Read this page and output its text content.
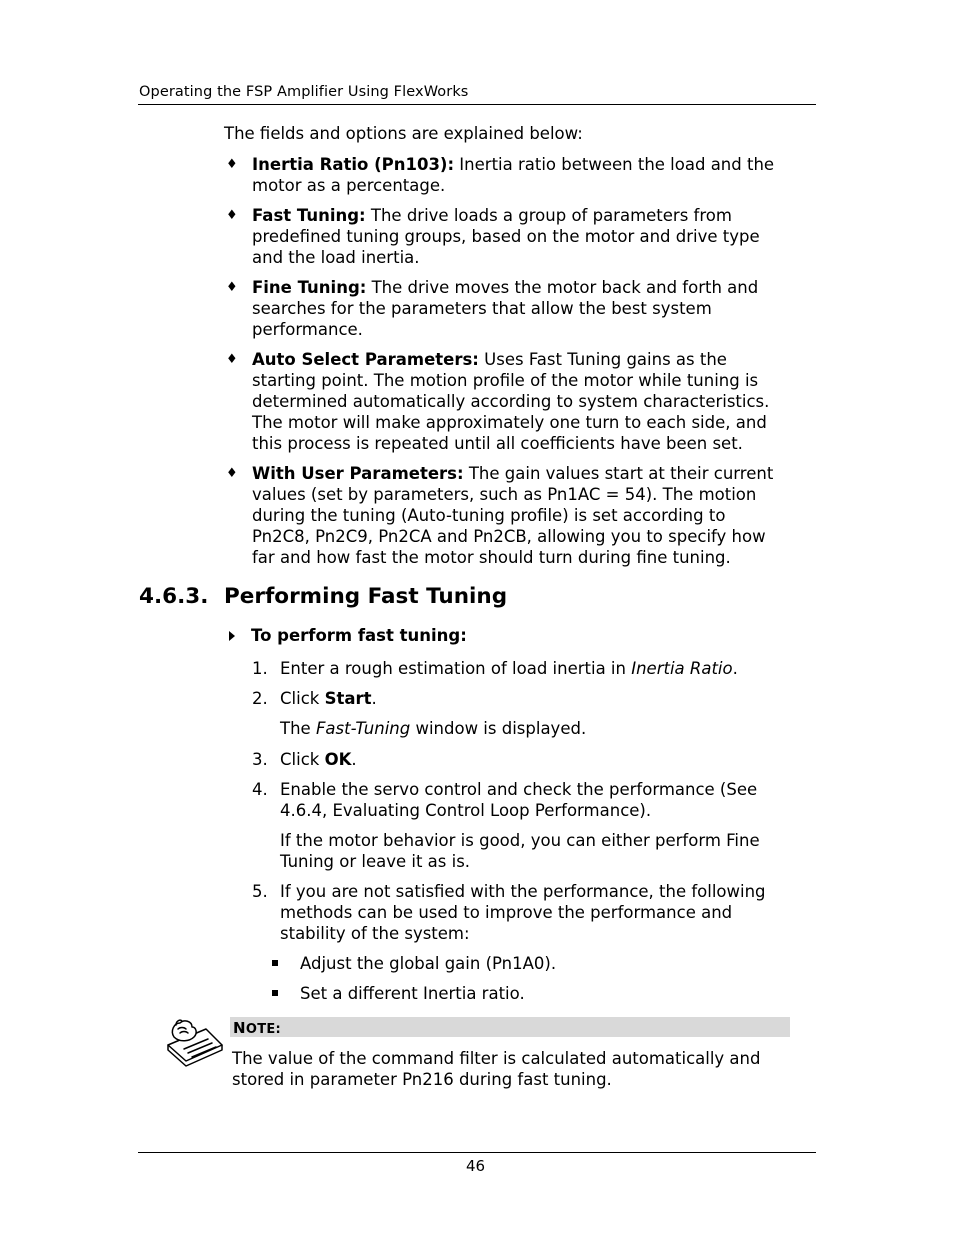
Operating the FSP Amplifier Using FlexWorks
The fields and options are explained below:
♦ Inertia Ratio (Pn103): Inertia ratio between the load and the
motor as a percentage.
♦ Fast Tuning: The drive loads a group of parameters from
predefined tuning groups, based on the motor and drive type
and the load inertia.
♦ Fine Tuning: The drive moves the motor back and forth and
searches for the parameters that allow the best system
performance.
♦ Auto Select Parameters: Uses Fast Tuning gains as the
starting point. The motion profile of the motor while tuning is
determined automatically according to system characteristics.
The motor will make approximately one turn to each side, and
this process is repeated until all coefficients have been set.
♦ With User Parameters: The gain values start at their current
values (set by parameters, such as Pn1AC = 54). The motion
during the tuning (Auto-tuning profile) is set according to
Pn2C8, Pn2C9, Pn2CA and Pn2CB, allowing you to specify how
far and how fast the motor should turn during fine tuning.
4.6.3. Performing Fast Tuning
To perform fast tuning:
1. Enter a rough estimation of load inertia in Inertia Ratio.
2. Click Start.
The Fast-Tuning window is displayed.
3. Click OK.
4. Enable the servo control and check the performance (See
4.6.4, Evaluating Control Loop Performance).
If the motor behavior is good, you can either perform Fine
Tuning or leave it as is.
5. If you are not satisfied with the performance, the following
methods can be used to improve the performance and
stability of the system:
Adjust the global gain (Pn1A0).
Set a different Inertia ratio.
NOTE:
The value of the command filter is calculated automatically and
stored in parameter Pn216 during fast tuning.
46
